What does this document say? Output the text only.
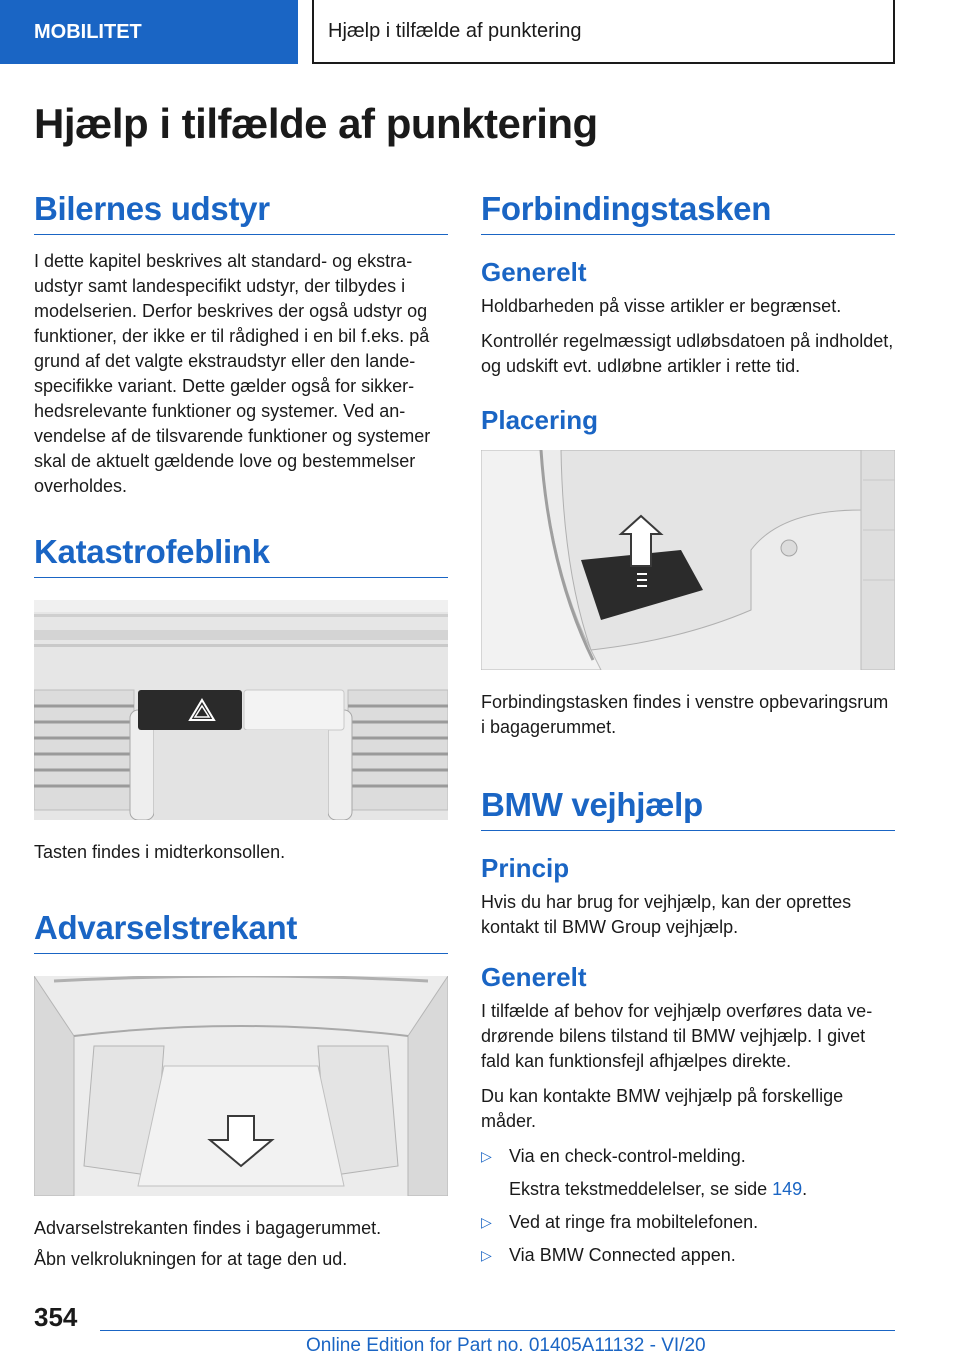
MOBILITET	Hjælp i tilfælde af punktering
Hjælp i tilfælde af punktering
Bilernes udstyr

I dette kapitel beskrives alt standard- og ekstraudstyr samt landespecifikt udstyr, der tilbydes i modelserien. Derfor beskrives der også udstyr og funktioner, der ikke er til rådighed i en bil f.eks. på grund af det valgte ekstraudstyr eller den landespecifikke variant. Dette gælder også for sikkerhedsrelevante funktioner og systemer. Ved anvendelse af de tilsvarende funktioner og systemer skal de aktuelt gældende love og bestemmelser overholdes.

Katastrofeblink

Tasten findes i midterkonsollen.

Advarselstrekant

Advarselstrekanten findes i bagagerummet.

Åbn velkrolukningen for at tage den ud.

Forbindingstasken
Generelt

Holdbarheden på visse artikler er begrænset.

Kontrollér regelmæssigt udløbsdatoen på indholdet, og udskift evt. udløbne artikler i rette tid.

Placering

Forbindingstasken findes i venstre opbevaringsrum i bagagerummet.

BMW vejhjælp
Princip

Hvis du har brug for vejhjælp, kan der oprettes kontakt til BMW Group vejhjælp.

Generelt

I tilfælde af behov for vejhjælp overføres data vedrørende bilens tilstand til BMW vejhjælp. I givet fald kan funktionsfejl afhjælpes direkte.

Du kan kontakte BMW vejhjælp på forskellige måder.

▷ Via en check-control-melding.
Ekstra tekstmeddelelser, se side 149.
▷ Ved at ringe fra mobiltelefonen.
▷ Via BMW Connected appen.
354
Online Edition for Part no. 01405A11132 - VI/20
